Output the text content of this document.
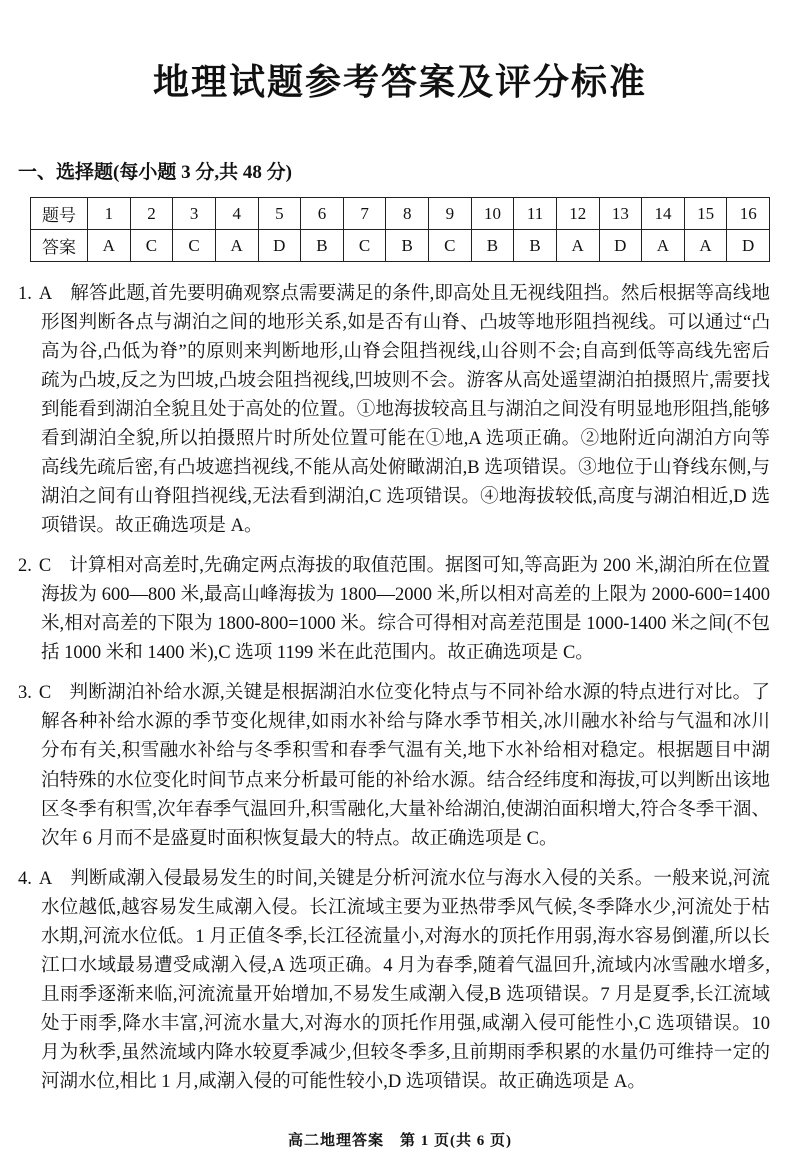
地理试题参考答案及评分标准
一、选择题(每小题 3 分,共 48 分)
题号	1	2	3	4	5	6	7	8	9	10	11	12	13	14	15	16
答案	A	C	C	A	D	B	C	B	C	B	B	A	D	A	A	D

1. A 解答此题,首先要明确观察点需要满足的条件,即高处且无视线阻挡。然后根据等高线地形图判断各点与湖泊之间的地形关系,如是否有山脊、凸坡等地形阻挡视线。可以通过“凸高为谷,凸低为脊”的原则来判断地形,山脊会阻挡视线,山谷则不会;自高到低等高线先密后疏为凸坡,反之为凹坡,凸坡会阻挡视线,凹坡则不会。游客从高处遥望湖泊拍摄照片,需要找到能看到湖泊全貌且处于高处的位置。①地海拔较高且与湖泊之间没有明显地形阻挡,能够看到湖泊全貌,所以拍摄照片时所处位置可能在①地,A 选项正确。②地附近向湖泊方向等高线先疏后密,有凸坡遮挡视线,不能从高处俯瞰湖泊,B 选项错误。③地位于山脊线东侧,与湖泊之间有山脊阻挡视线,无法看到湖泊,C 选项错误。④地海拔较低,高度与湖泊相近,D 选项错误。故正确选项是 A。

2. C 计算相对高差时,先确定两点海拔的取值范围。据图可知,等高距为 200 米,湖泊所在位置海拔为 600—800 米,最高山峰海拔为 1800—2000 米,所以相对高差的上限为 2000-600=1400 米,相对高差的下限为 1800-800=1000 米。综合可得相对高差范围是 1000-1400 米之间(不包括 1000 米和 1400 米),C 选项 1199 米在此范围内。故正确选项是 C。

3. C 判断湖泊补给水源,关键是根据湖泊水位变化特点与不同补给水源的特点进行对比。了解各种补给水源的季节变化规律,如雨水补给与降水季节相关,冰川融水补给与气温和冰川分布有关,积雪融水补给与冬季积雪和春季气温有关,地下水补给相对稳定。根据题目中湖泊特殊的水位变化时间节点来分析最可能的补给水源。结合经纬度和海拔,可以判断出该地区冬季有积雪,次年春季气温回升,积雪融化,大量补给湖泊,使湖泊面积增大,符合冬季干涸、次年 6 月而不是盛夏时面积恢复最大的特点。故正确选项是 C。

4. A 判断咸潮入侵最易发生的时间,关键是分析河流水位与海水入侵的关系。一般来说,河流水位越低,越容易发生咸潮入侵。长江流域主要为亚热带季风气候,冬季降水少,河流处于枯水期,河流水位低。1 月正值冬季,长江径流量小,对海水的顶托作用弱,海水容易倒灌,所以长江口水域最易遭受咸潮入侵,A 选项正确。4 月为春季,随着气温回升,流域内冰雪融水增多,且雨季逐渐来临,河流流量开始增加,不易发生咸潮入侵,B 选项错误。7 月是夏季,长江流域处于雨季,降水丰富,河流水量大,对海水的顶托作用强,咸潮入侵可能性小,C 选项错误。10 月为秋季,虽然流域内降水较夏季减少,但较冬季多,且前期雨季积累的水量仍可维持一定的河湖水位,相比 1 月,咸潮入侵的可能性较小,D 选项错误。故正确选项是 A。

高二地理答案　第 1 页(共 6 页)
